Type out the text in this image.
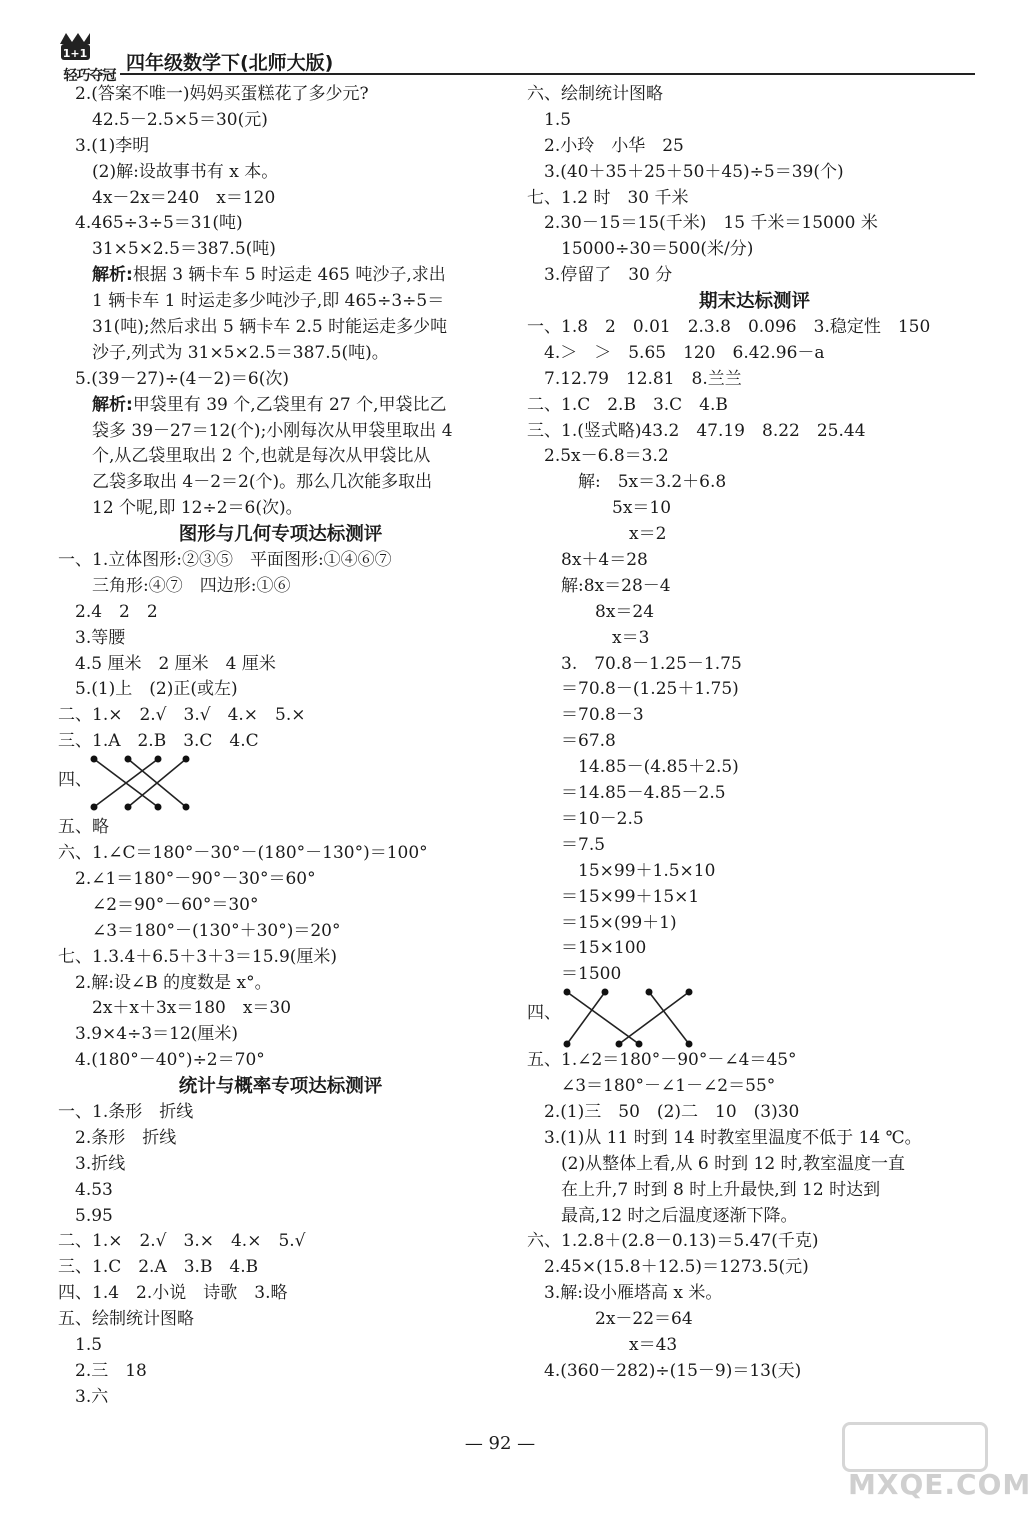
1+1
轻巧夺冠
四年级数学下(北师大版)
2.(答案不唯一)妈妈买蛋糕花了多少元?
42.5－2.5×5＝30(元)
3.(1)李明
(2)解:设故事书有 x 本。
4x－2x＝240　x＝120
4.465÷3÷5＝31(吨)
31×5×2.5＝387.5(吨)
解析:根据 3 辆卡车 5 时运走 465 吨沙子,求出
1 辆卡车 1 时运走多少吨沙子,即 465÷3÷5＝
31(吨);然后求出 5 辆卡车 2.5 时能运走多少吨
沙子,列式为 31×5×2.5＝387.5(吨)。
5.(39－27)÷(4－2)＝6(次)
解析:甲袋里有 39 个,乙袋里有 27 个,甲袋比乙
袋多 39－27＝12(个);小刚每次从甲袋里取出 4
个,从乙袋里取出 2 个,也就是每次从甲袋比从
乙袋多取出 4－2＝2(个)。那么几次能多取出
12 个呢,即 12÷2＝6(次)。
图形与几何专项达标测评
一、1.立体图形:②③⑤　平面图形:①④⑥⑦
三角形:④⑦　四边形:①⑥
2.4　2　2
3.等腰
4.5 厘米　2 厘米　4 厘米
5.(1)上　(2)正(或左)
二、1.×　2.√　3.√　4.×　5.×
三、1.A　2.B　3.C　4.C
四、
五、略
六、1.∠C＝180°－30°－(180°－130°)＝100°
2.∠1＝180°－90°－30°＝60°
∠2＝90°－60°＝30°
∠3＝180°－(130°＋30°)＝20°
七、1.3.4＋6.5＋3＋3＝15.9(厘米)
2.解:设∠B 的度数是 x°。
2x＋x＋3x＝180　x＝30
3.9×4÷3＝12(厘米)
4.(180°－40°)÷2＝70°
统计与概率专项达标测评
一、1.条形　折线
2.条形　折线
3.折线
4.53
5.95
二、1.×　2.√　3.×　4.×　5.√
三、1.C　2.A　3.B　4.B
四、1.4　2.小说　诗歌　3.略
五、绘制统计图略
1.5
2.三　18
3.六
六、绘制统计图略
1.5
2.小玲　小华　25
3.(40＋35＋25＋50＋45)÷5＝39(个)
七、1.2 时　30 千米
2.30－15＝15(千米)　15 千米＝15000 米
15000÷30＝500(米/分)
3.停留了　30 分
期末达标测评
一、1.8　2　0.01　2.3.8　0.096　3.稳定性　150
4.＞　＞　5.65　120　6.42.96－a
7.12.79　12.81　8.兰兰
二、1.C　2.B　3.C　4.B
三、1.(竖式略)43.2　47.19　8.22　25.44
2.5x－6.8＝3.2
解:　5x＝3.2＋6.8
5x＝10
x＝2
8x＋4＝28
解:8x＝28－4
8x＝24
x＝3
3.　70.8－1.25－1.75
＝70.8－(1.25＋1.75)
＝70.8－3
＝67.8
14.85－(4.85＋2.5)
＝14.85－4.85－2.5
＝10－2.5
＝7.5
15×99＋1.5×10
＝15×99＋15×1
＝15×(99＋1)
＝15×100
＝1500
四、
五、1.∠2＝180°－90°－∠4＝45°
∠3＝180°－∠1－∠2＝55°
2.(1)三　50　(2)二　10　(3)30
3.(1)从 11 时到 14 时教室里温度不低于 14 ℃。
(2)从整体上看,从 6 时到 12 时,教室温度一直
在上升,7 时到 8 时上升最快,到 12 时达到
最高,12 时之后温度逐渐下降。
六、1.2.8＋(2.8－0.13)＝5.47(千克)
2.45×(15.8＋12.5)＝1273.5(元)
3.解:设小雁塔高 x 米。
2x－22＝64
x＝43
4.(360－282)÷(15－9)＝13(天)
— 92 —
MXQE.COM
